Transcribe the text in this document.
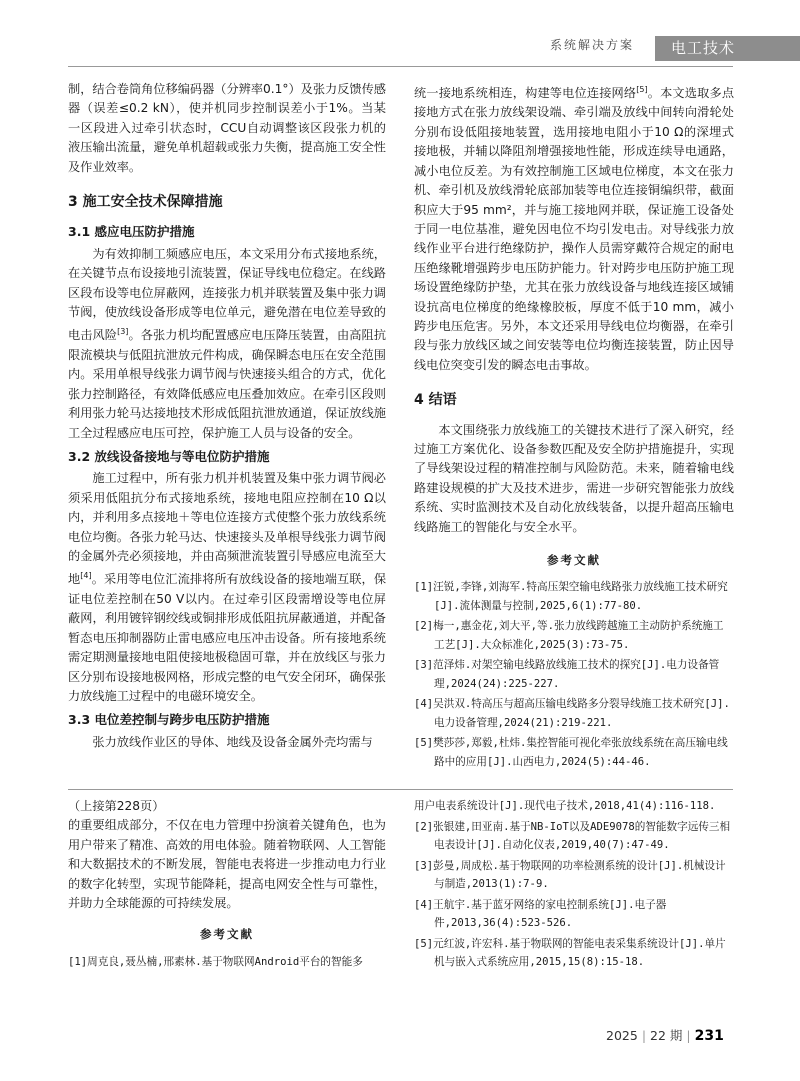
系统解决方案	电工技术

制，结合卷筒角位移编码器（分辨率0.1°）及张力反馈传感器（误差≤0.2 kN），使并机同步控制误差小于1%。当某一区段进入过牵引状态时，CCU自动调整该区段张力机的液压输出流量，避免单机超载或张力失衡，提高施工安全性及作业效率。

3 施工安全技术保障措施
3.1 感应电压防护措施

为有效抑制工频感应电压，本文采用分布式接地系统，在关键节点布设接地引流装置，保证导线电位稳定。在线路区段布设等电位屏蔽网，连接张力机并联装置及集中张力调节阀，使放线设备形成等电位单元，避免潜在电位差导致的电击风险[3]。各张力机均配置感应电压降压装置，由高阻抗限流模块与低阻抗泄放元件构成，确保瞬态电压在安全范围内。采用单根导线张力调节阀与快速接头组合的方式，优化张力控制路径，有效降低感应电压叠加效应。在牵引区段则利用张力轮马达接地技术形成低阻抗泄放通道，保证放线施工全过程感应电压可控，保护施工人员与设备的安全。

3.2 放线设备接地与等电位防护措施

施工过程中，所有张力机并机装置及集中张力调节阀必须采用低阻抗分布式接地系统，接地电阻应控制在10 Ω以内，并利用多点接地＋等电位连接方式使整个张力放线系统电位均衡。各张力轮马达、快速接头及单根导线张力调节阀的金属外壳必须接地，并由高频泄流装置引导感应电流至大地[4]。采用等电位汇流排将所有放线设备的接地端互联，保证电位差控制在50 V以内。在过牵引区段需增设等电位屏蔽网，利用镀锌钢绞线或铜排形成低阻抗屏蔽通道，并配备暂态电压抑制器防止雷电感应电压冲击设备。所有接地系统需定期测量接地电阻使接地极稳固可靠，并在放线区与张力区分别布设接地极网格，形成完整的电气安全闭环，确保张力放线施工过程中的电磁环境安全。

3.3 电位差控制与跨步电压防护措施

张力放线作业区的导体、地线及设备金属外壳均需与

统一接地系统相连，构建等电位连接网络[5]。本文选取多点接地方式在张力放线架设端、牵引端及放线中间转向滑轮处分别布设低阻接地装置，选用接地电阻小于10 Ω的深埋式接地极，并辅以降阻剂增强接地性能，形成连续导电通路，减小电位反差。为有效控制施工区域电位梯度，本文在张力机、牵引机及放线滑轮底部加装等电位连接铜编织带，截面积应大于95 mm²，并与施工接地网并联，保证施工设备处于同一电位基准，避免因电位不均引发电击。对导线张力放线作业平台进行绝缘防护，操作人员需穿戴符合规定的耐电压绝缘靴增强跨步电压防护能力。针对跨步电压防护施工现场设置绝缘防护垫，尤其在张力放线设备与地线连接区域铺设抗高电位梯度的绝缘橡胶板，厚度不低于10 mm，减小跨步电压危害。另外，本文还采用导线电位均衡器，在牵引段与张力放线区域之间安装等电位均衡连接装置，防止因导线电位突变引发的瞬态电击事故。

4 结语

本文围绕张力放线施工的关键技术进行了深入研究，经过施工方案优化、设备参数匹配及安全防护措施提升，实现了导线架设过程的精准控制与风险防范。未来，随着输电线路建设规模的扩大及技术进步，需进一步研究智能张力放线系统、实时监测技术及自动化放线装备，以提升超高压输电线路施工的智能化与安全水平。

参考文献
[1]汪锐,李锋,刘海军.特高压架空输电线路张力放线施工技术研究[J].流体测量与控制,2025,6(1):77-80.
[2]梅一,惠金花,刘大平,等.张力放线跨越施工主动防护系统施工工艺[J].大众标准化,2025(3):73-75.
[3]范泽炜.对架空输电线路放线施工技术的探究[J].电力设备管理,2024(24):225-227.
[4]吴洪双.特高压与超高压输电线路多分裂导线施工技术研究[J].电力设备管理,2024(21):219-221.
[5]樊莎莎,郑毅,杜炜.集控智能可视化牵张放线系统在高压输电线路中的应用[J].山西电力,2024(5):44-46.

（上接第228页）

的重要组成部分，不仅在电力管理中扮演着关键角色，也为用户带来了精准、高效的用电体验。随着物联网、人工智能和大数据技术的不断发展，智能电表将进一步推动电力行业的数字化转型，实现节能降耗，提高电网安全性与可靠性，并助力全球能源的可持续发展。

参考文献
[1]周克良,聂丛楠,邢素林.基于物联网Android平台的智能多
用户电表系统设计[J].现代电子技术,2018,41(4):116-118.
[2]张银建,田亚南.基于NB-IoT以及ADE9078的智能数字远传三相电表设计[J].自动化仪表,2019,40(7):47-49.
[3]彭曼,周成松.基于物联网的功率检测系统的设计[J].机械设计与制造,2013(1):7-9.
[4]王航宇.基于蓝牙网络的家电控制系统[J].电子器件,2013,36(4):523-526.
[5]元红波,许宏科.基于物联网的智能电表采集系统设计[J].单片机与嵌入式系统应用,2015,15(8):15-18.
2025 | 22 期 | 231
